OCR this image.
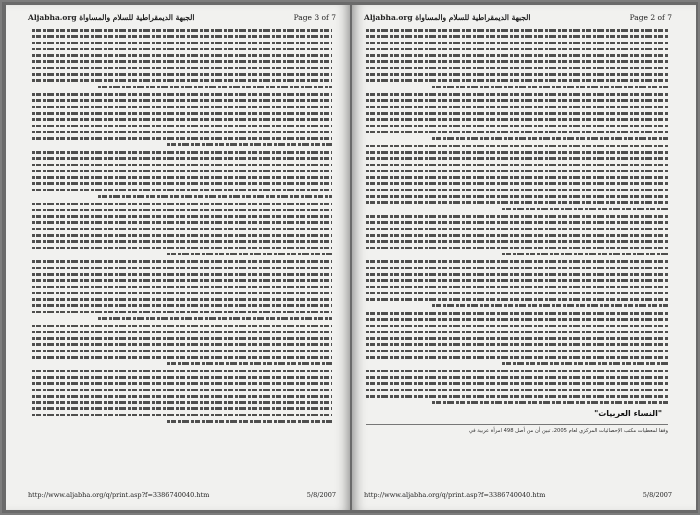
Aljabha.org الجبهة الديمقراطية للسلام والمساواة	Page 3 of 7
http://www.aljabha.org/q/print.asp?f=3386740040.htm	5/8/2007
Aljabha.org الجبهة الديمقراطية للسلام والمساواة	Page 2 of 7
"النساء العربيات"
وفقا لمعطيات مكتب الإحصائيات المركزي لعام 2005، تبين أن من أصل 498 امرأة عربية في
http://www.aljabha.org/q/print.asp?f=3386740040.htm	5/8/2007
